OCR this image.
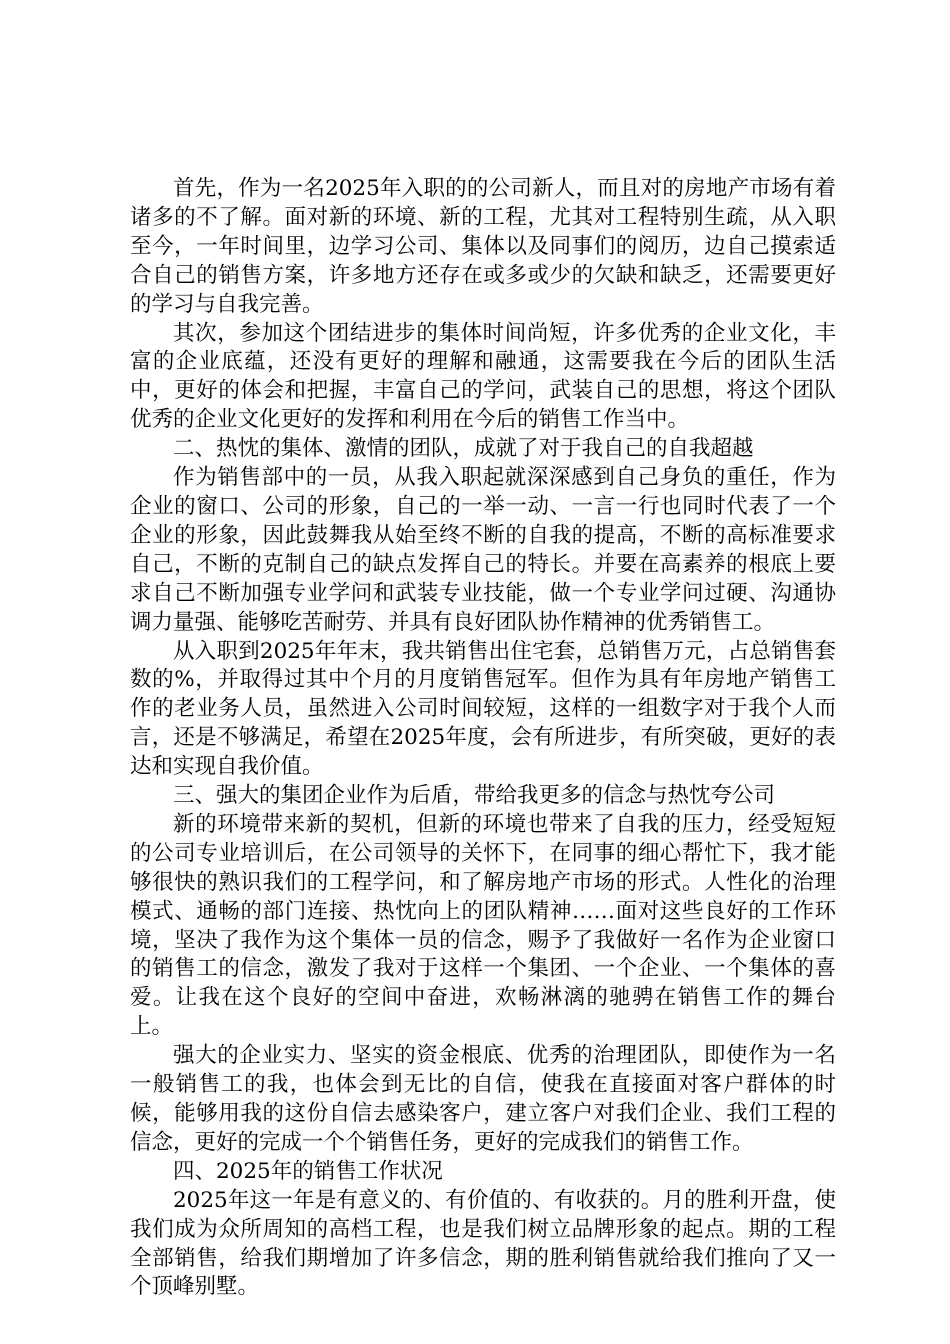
首先，作为一名2025年入职的的公司新人，而且对的房地产市场有着诸多的不了解。面对新的环境、新的工程，尤其对工程特别生疏，从入职至今，一年时间里，边学习公司、集体以及同事们的阅历，边自己摸索适合自己的销售方案，许多地方还存在或多或少的欠缺和缺乏，还需要更好的学习与自我完善。

其次，参加这个团结进步的集体时间尚短，许多优秀的企业文化，丰富的企业底蕴，还没有更好的理解和融通，这需要我在今后的团队生活中，更好的体会和把握，丰富自己的学问，武装自己的思想，将这个团队优秀的企业文化更好的发挥和利用在今后的销售工作当中。

二、热忱的集体、激情的团队，成就了对于我自己的自我超越

作为销售部中的一员，从我入职起就深深感到自己身负的重任，作为企业的窗口、公司的形象，自己的一举一动、一言一行也同时代表了一个企业的形象，因此鼓舞我从始至终不断的自我的提高，不断的高标准要求自己，不断的克制自己的缺点发挥自己的特长。并要在高素养的根底上要求自己不断加强专业学问和武装专业技能，做一个专业学问过硬、沟通协调力量强、能够吃苦耐劳、并具有良好团队协作精神的优秀销售工。

从入职到2025年年末，我共销售出住宅套，总销售万元，占总销售套数的%，并取得过其中个月的月度销售冠军。但作为具有年房地产销售工作的老业务人员，虽然进入公司时间较短，这样的一组数字对于我个人而言，还是不够满足，希望在2025年度，会有所进步，有所突破，更好的表达和实现自我价值。

三、强大的集团企业作为后盾，带给我更多的信念与热忱夸公司

新的环境带来新的契机，但新的环境也带来了自我的压力，经受短短的公司专业培训后，在公司领导的关怀下，在同事的细心帮忙下，我才能够很快的熟识我们的工程学问，和了解房地产市场的形式。人性化的治理模式、通畅的部门连接、热忱向上的团队精神……面对这些良好的工作环境，坚决了我作为这个集体一员的信念，赐予了我做好一名作为企业窗口的销售工的信念，激发了我对于这样一个集团、一个企业、一个集体的喜爱。让我在这个良好的空间中奋进，欢畅淋漓的驰骋在销售工作的舞台上。

强大的企业实力、坚实的资金根底、优秀的治理团队，即使作为一名一般销售工的我，也体会到无比的自信，使我在直接面对客户群体的时候，能够用我的这份自信去感染客户，建立客户对我们企业、我们工程的信念，更好的完成一个个销售任务，更好的完成我们的销售工作。

四、2025年的销售工作状况

2025年这一年是有意义的、有价值的、有收获的。月的胜利开盘，使我们成为众所周知的高档工程，也是我们树立品牌形象的起点。期的工程全部销售，给我们期增加了许多信念，期的胜利销售就给我们推向了又一个顶峰别墅。
